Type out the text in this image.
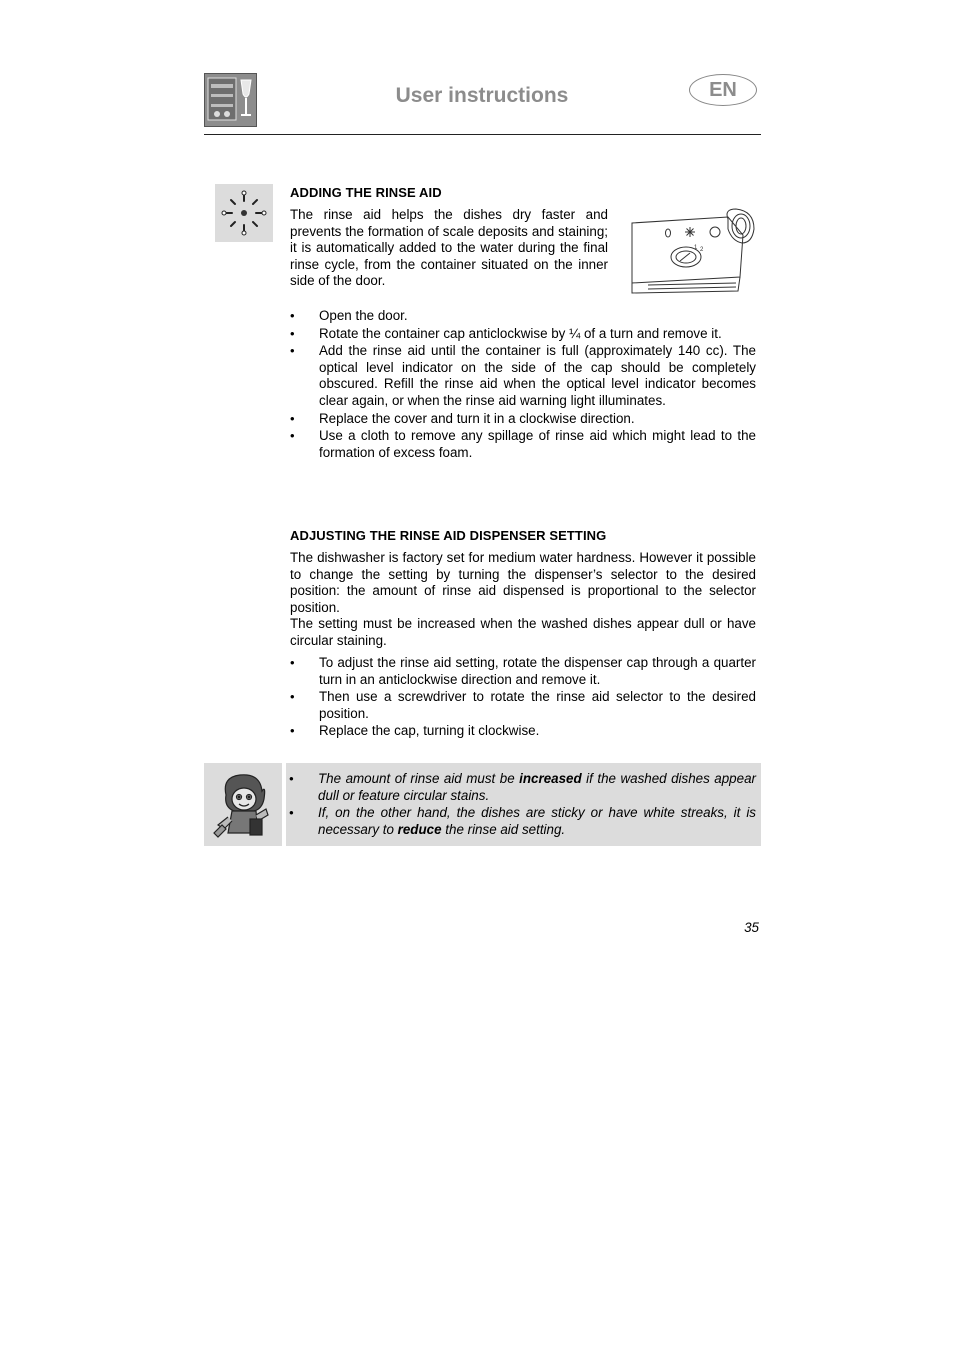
User instructions	EN
ADDING THE RINSE AID
The rinse aid helps the dishes dry faster and prevents the formation of scale deposits and staining; it is automatically added to the water during the final rinse cycle, from the container situated on the inner side of the door.
1 2
• Open the door.
• Rotate the container cap anticlockwise by ¼ of a turn and remove it.
• Add the rinse aid until the container is full (approximately 140 cc). The optical level indicator on the side of the cap should be completely obscured. Refill the rinse aid when the optical level indicator becomes clear again, or when the rinse aid warning light illuminates.
• Replace the cover and turn it in a clockwise direction.
• Use a cloth to remove any spillage of rinse aid which might lead to the formation of excess foam.
ADJUSTING THE RINSE AID DISPENSER SETTING
The dishwasher is factory set for medium water hardness. However it possible to change the setting by turning the dispenser’s selector to the desired position: the amount of rinse aid dispensed is proportional to the selector position.
The setting must be increased when the washed dishes appear dull or have circular staining.
• To adjust the rinse aid setting, rotate the dispenser cap through a quarter turn in an anticlockwise direction and remove it.
• Then use a screwdriver to rotate the rinse aid selector to the desired position.
• Replace the cap, turning it clockwise.
• The amount of rinse aid must be increased if the washed dishes appear dull or feature circular stains.
• If, on the other hand, the dishes are sticky or have white streaks, it is necessary to reduce the rinse aid setting.
35
